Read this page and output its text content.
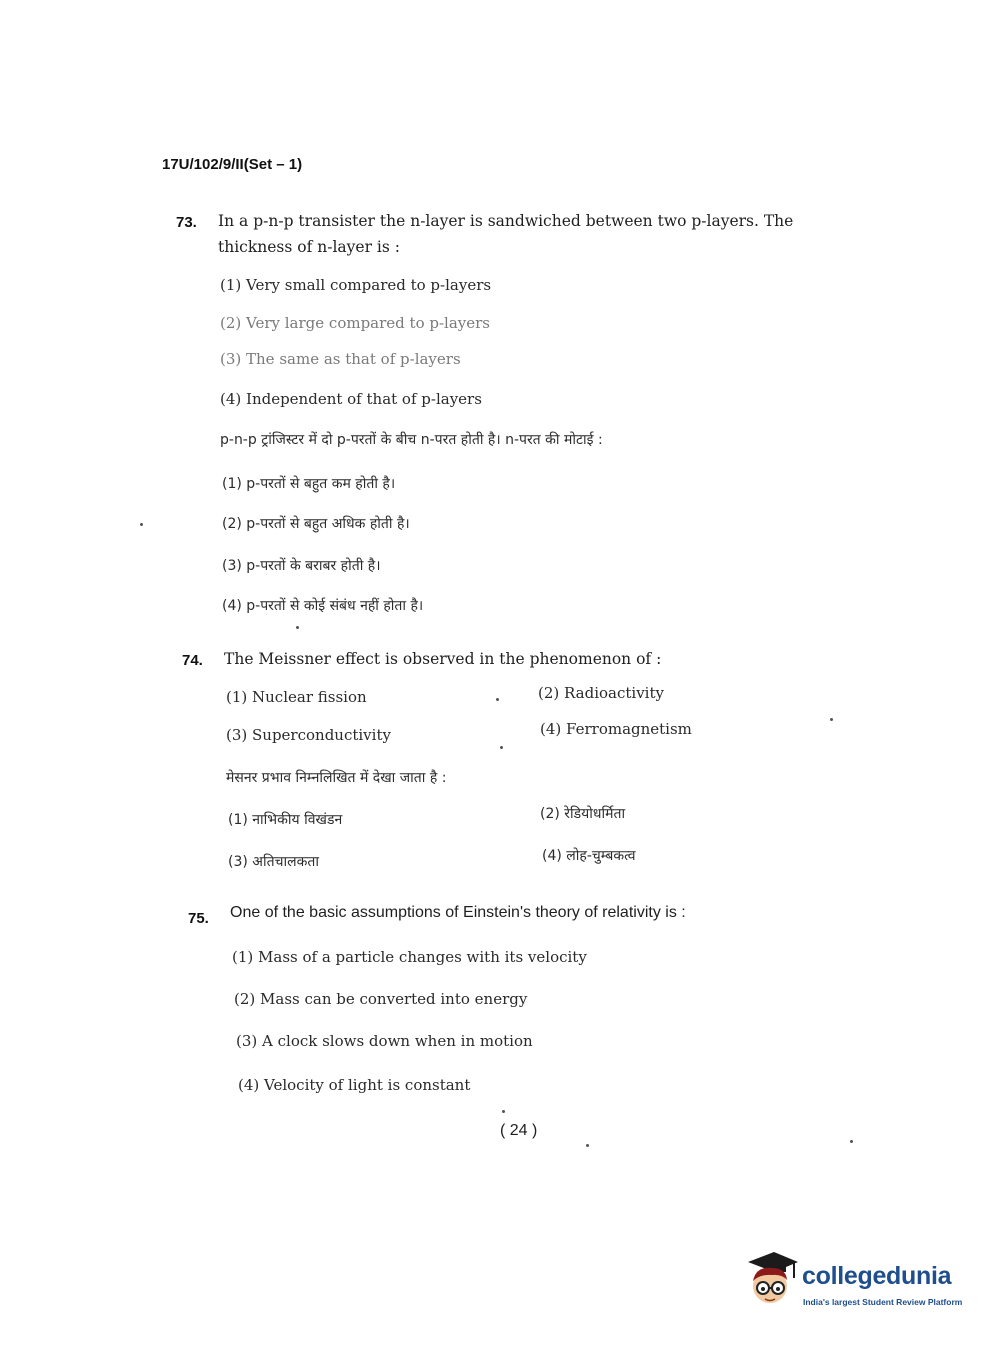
17U/102/9/II(Set – 1)
73. In a p-n-p transister the n-layer is sandwiched between two p-layers. The
thickness of n-layer is :
(1) Very small compared to p-layers
(2) Very large compared to p-layers
(3) The same as that of p-layers
(4) Independent of that of p-layers
p-n-p ट्रांजिस्टर में दो p-परतों के बीच n-परत होती है। n-परत की मोटाई :
(1) p-परतों से बहुत कम होती है।
(2) p-परतों से बहुत अधिक होती है।
(3) p-परतों के बराबर होती है।
(4) p-परतों से कोई संबंध नहीं होता है।
74. The Meissner effect is observed in the phenomenon of :
(1) Nuclear fission	(2) Radioactivity
(3) Superconductivity	(4) Ferromagnetism
मेसनर प्रभाव निम्नलिखित में देखा जाता है :
(1) नाभिकीय विखंडन	(2) रेडियोधर्मिता
(3) अतिचालकता	(4) लोह-चुम्बकत्व
75. One of the basic assumptions of Einstein's theory of relativity is :
(1) Mass of a particle changes with its velocity
(2) Mass can be converted into energy
(3) A clock slows down when in motion
(4) Velocity of light is constant
( 24 )
collegedunia
India's largest Student Review Platform
